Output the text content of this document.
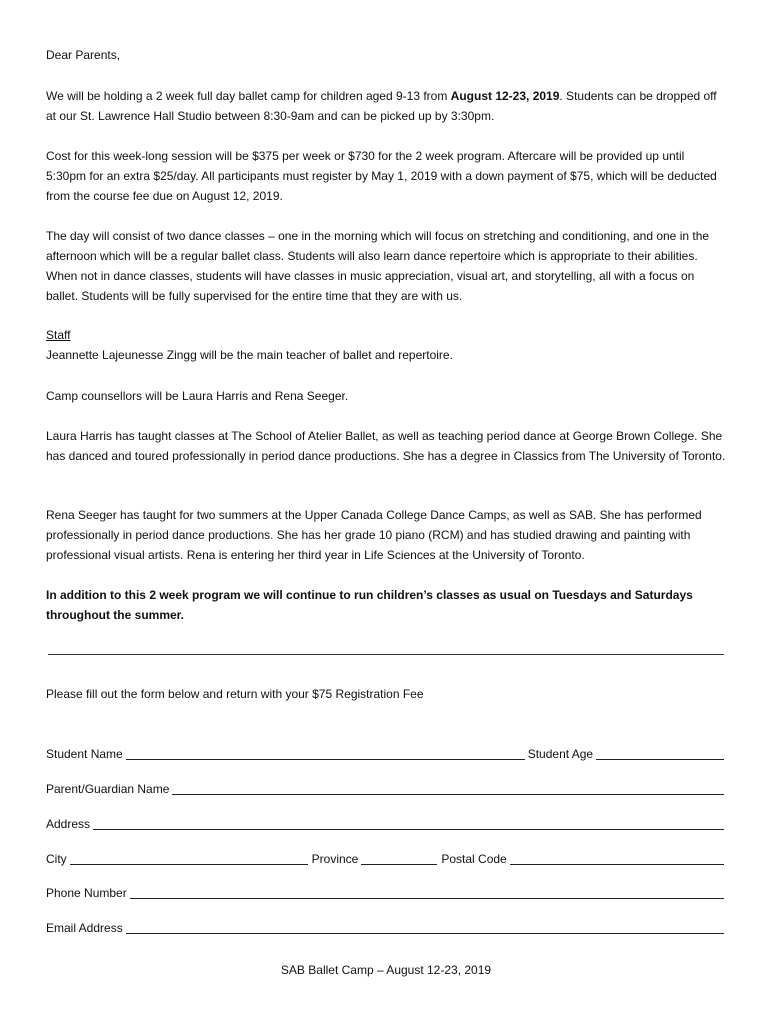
Dear Parents,

We will be holding a 2 week full day ballet camp for children aged 9-13 from August 12-23, 2019. Students can be dropped off at our St. Lawrence Hall Studio between 8:30-9am and can be picked up by 3:30pm.

Cost for this week-long session will be $375 per week or $730 for the 2 week program. Aftercare will be provided up until 5:30pm for an extra $25/day. All participants must register by May 1, 2019 with a down payment of $75, which will be deducted from the course fee due on August 12, 2019.

The day will consist of two dance classes – one in the morning which will focus on stretching and conditioning, and one in the afternoon which will be a regular ballet class. Students will also learn dance repertoire which is appropriate to their abilities. When not in dance classes, students will have classes in music appreciation, visual art, and storytelling, all with a focus on ballet. Students will be fully supervised for the entire time that they are with us.

Staff

Jeannette Lajeunesse Zingg will be the main teacher of ballet and repertoire.

Camp counsellors will be Laura Harris and Rena Seeger.

Laura Harris has taught classes at The School of Atelier Ballet, as well as teaching period dance at George Brown College. She has danced and toured professionally in period dance productions. She has a degree in Classics from The University of Toronto.

Rena Seeger has taught for two summers at the Upper Canada College Dance Camps, as well as SAB. She has performed professionally in period dance productions. She has her grade 10 piano (RCM) and has studied drawing and painting with professional visual artists. Rena is entering her third year in Life Sciences at the University of Toronto.

In addition to this 2 week program we will continue to run children’s classes as usual on Tuesdays and Saturdays throughout the summer.

Please fill out the form below and return with your $75 Registration Fee

Student Name	Student Age
Parent/Guardian Name
Address
City	Province	Postal Code
Phone Number
Email Address
SAB Ballet Camp – August 12-23, 2019
